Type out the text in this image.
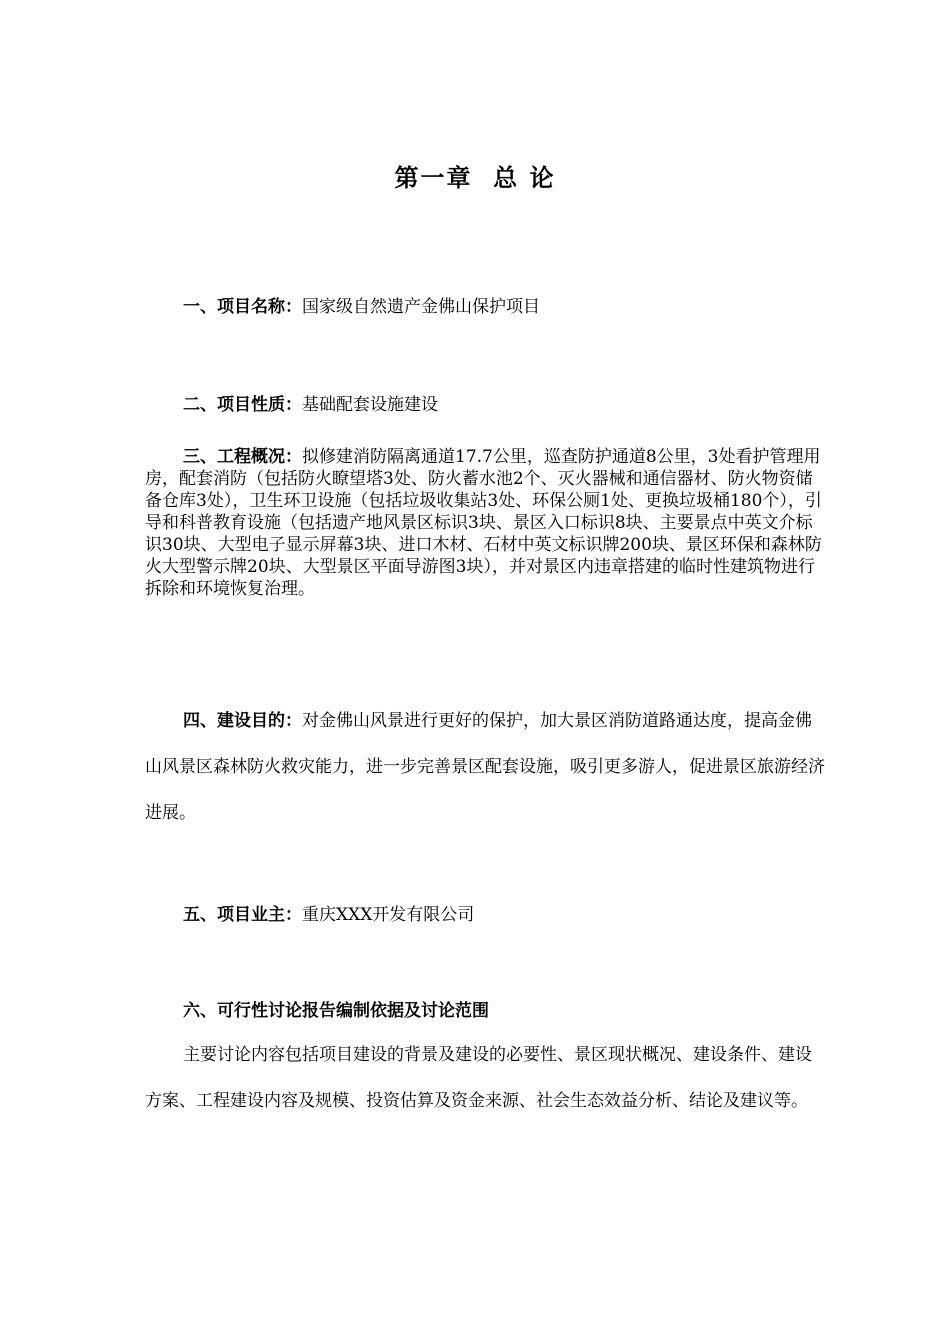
第一章  总 论
一、项目名称：国家级自然遗产金佛山保护项目
二、项目性质：基础配套设施建设
三、工程概况：拟修建消防隔离通道17.7公里，巡查防护通道8公里，3处看护管理用房，配套消防（包括防火瞭望塔3处、防火蓄水池2个、灭火器械和通信器材、防火物资储备仓库3处），卫生环卫设施（包括垃圾收集站3处、环保公厕1处、更换垃圾桶180个），引导和科普教育设施（包括遗产地风景区标识3块、景区入口标识8块、主要景点中英文介标识30块、大型电子显示屏幕3块、进口木材、石材中英文标识牌200块、景区环保和森林防火大型警示牌20块、大型景区平面导游图3块），并对景区内违章搭建的临时性建筑物进行拆除和环境恢复治理。
四、建设目的：对金佛山风景进行更好的保护，加大景区消防道路通达度，提高金佛山风景区森林防火救灾能力，进一步完善景区配套设施，吸引更多游人，促进景区旅游经济进展。
五、项目业主：重庆XXX开发有限公司
六、可行性讨论报告编制依据及讨论范围
主要讨论内容包括项目建设的背景及建设的必要性、景区现状概况、建设条件、建设方案、工程建设内容及规模、投资估算及资金来源、社会生态效益分析、结论及建议等。
